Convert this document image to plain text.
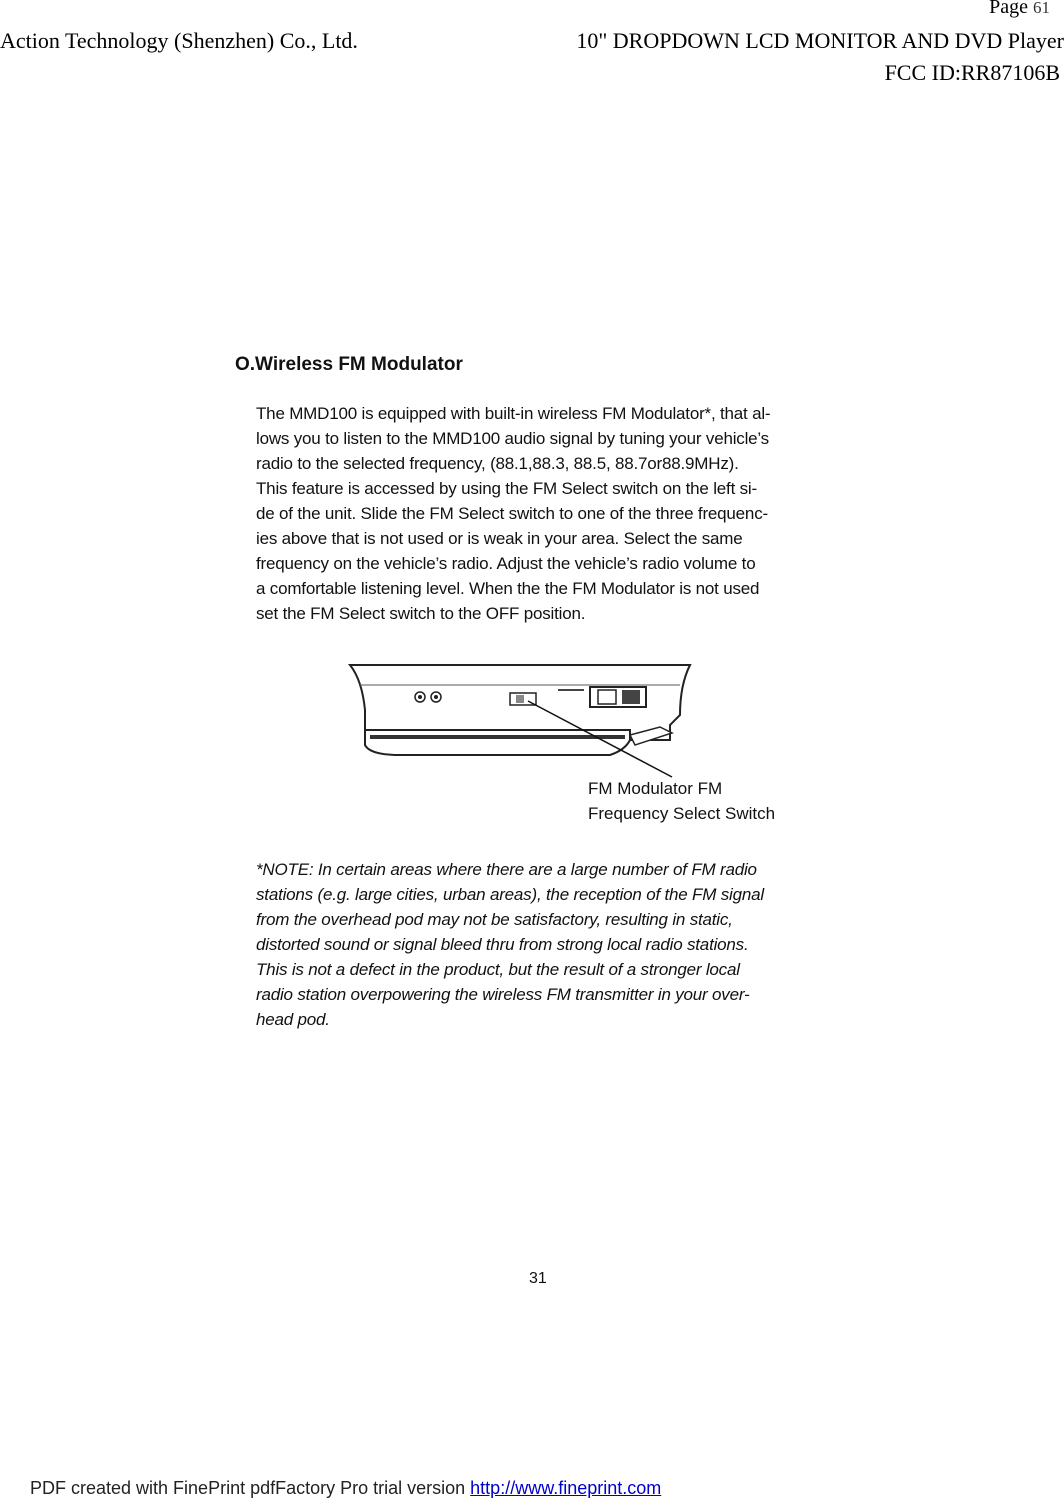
Page 61
Action Technology (Shenzhen) Co., Ltd.	10" DROPDOWN LCD MONITOR AND DVD Player
FCC ID:RR87106B
O.Wireless FM Modulator
The MMD100 is equipped with built-in wireless FM Modulator*, that al-
lows you to listen to the MMD100 audio signal by tuning your vehicle’s
radio to the selected frequency, (88.1,88.3, 88.5, 88.7or88.9MHz).
This feature is accessed by using the FM Select switch on the left si-
de of the unit. Slide the FM Select switch to one of the three frequenc-
ies above that is not used or is weak in your area. Select the same
frequency on the vehicle’s radio. Adjust the vehicle’s radio volume to
a comfortable listening level. When the the FM Modulator is not used
set the FM Select switch to the OFF position.
FM Modulator FM
Frequency Select Switch
*NOTE: In certain areas where there are a large number of FM radio
stations (e.g. large cities, urban areas), the reception of the FM signal
from the overhead pod may not be satisfactory, resulting in static,
distorted sound or signal bleed thru from strong local radio stations.
This is not a defect in the product, but the result of a stronger local
radio station overpowering the wireless FM transmitter in your over-
head pod.
31
PDF created with FinePrint pdfFactory Pro trial version http://www.fineprint.com
